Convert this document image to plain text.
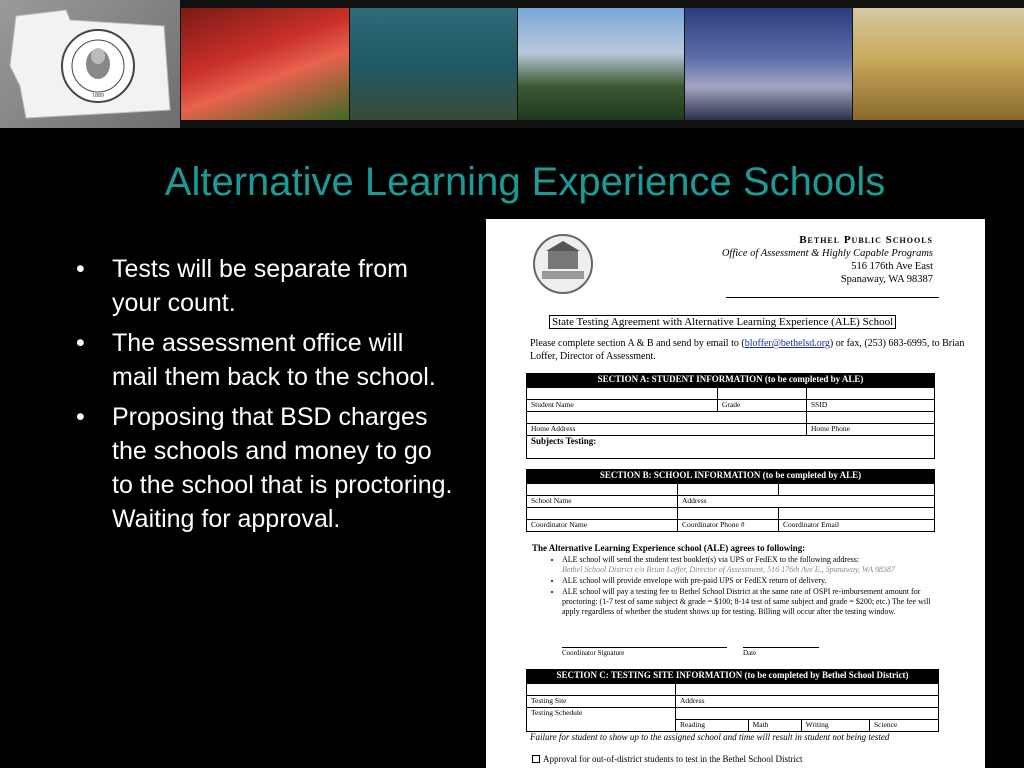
1889
Alternative Learning Experience Schools
• Tests will be separate from your count.
• The assessment office will mail them back to the school.
• Proposing that BSD charges the schools and money to go to the school that is proctoring. Waiting for approval.
Bethel Public Schools
Office of Assessment & Highly Capable Programs
516 176th Ave East
Spanaway, WA 98387
State Testing Agreement with Alternative Learning Experience (ALE) School
Please complete section A & B and send by email to (bloffer@bethelsd.org) or fax, (253) 683-6995, to Brian Loffer, Director of Assessment.
SECTION A: STUDENT INFORMATION (to be completed by ALE)		

Student Name	Grade	SSID

Home Address		Home Phone
Subjects Testing:		
SECTION B: SCHOOL INFORMATION (to be completed by ALE)		

School Name	Address	

Coordinator Name	Coordinator Phone #	Coordinator Email
The Alternative Learning Experience school (ALE) agrees to following:
• ALE school will send the student test booklet(s) via UPS or FedEX to the following address:
Bethel School District c/o Brian Loffer, Director of Assessment, 516 176th Ave E., Spanaway, WA 98387
• ALE school will provide envelope with pre-paid UPS or FedEX return of delivery.
• ALE school will pay a testing fee to Bethel School District at the same rate of OSPI re-imbursement amount for proctoring: (1-7 test of same subject & grade = $100; 8-14 test of same subject and grade = $200; etc.) The fee will apply regardless of whether the student shows up for testing. Billing will occur after the testing window.
Coordinator Signature	Date
SECTION C: TESTING SITE INFORMATION (to be completed by Bethel School District)				

Testing Site	Address			
Testing Schedule				
	Reading	Math	Writing	Science
Failure for student to show up to the assigned school and time will result in student not being tested
Approval for out-of-district students to test in the Bethel School District
